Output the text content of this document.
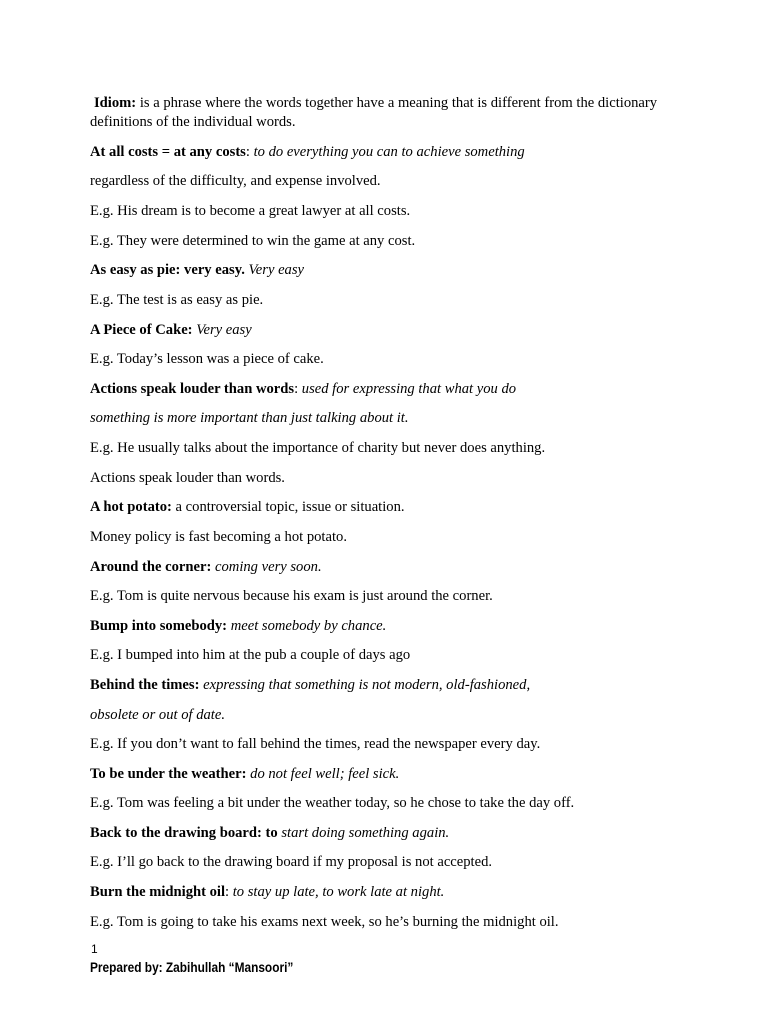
Idiom: is a phrase where the words together have a meaning that is different from the dictionary definitions of the individual words.
At all costs = at any costs: to do everything you can to achieve something
regardless of the difficulty, and expense involved.
E.g. His dream is to become a great lawyer at all costs.
E.g. They were determined to win the game at any cost.
As easy as pie: very easy. Very easy
E.g. The test is as easy as pie.
A Piece of Cake: Very easy
E.g. Today’s lesson was a piece of cake.
Actions speak louder than words: used for expressing that what you do
something is more important than just talking about it.
E.g. He usually talks about the importance of charity but never does anything.
Actions speak louder than words.
A hot potato: a controversial topic, issue or situation.
Money policy is fast becoming a hot potato.
Around the corner: coming very soon.
E.g. Tom is quite nervous because his exam is just around the corner.
Bump into somebody: meet somebody by chance.
E.g. I bumped into him at the pub a couple of days ago
Behind the times: expressing that something is not modern, old-fashioned,
obsolete or out of date.
E.g. If you don’t want to fall behind the times, read the newspaper every day.
To be under the weather: do not feel well; feel sick.
E.g. Tom was feeling a bit under the weather today, so he chose to take the day off.
Back to the drawing board: to start doing something again.
E.g. I’ll go back to the drawing board if my proposal is not accepted.
Burn the midnight oil: to stay up late, to work late at night.
E.g. Tom is going to take his exams next week, so he’s burning the midnight oil.
1
Prepared by: Zabihullah “Mansoori”
